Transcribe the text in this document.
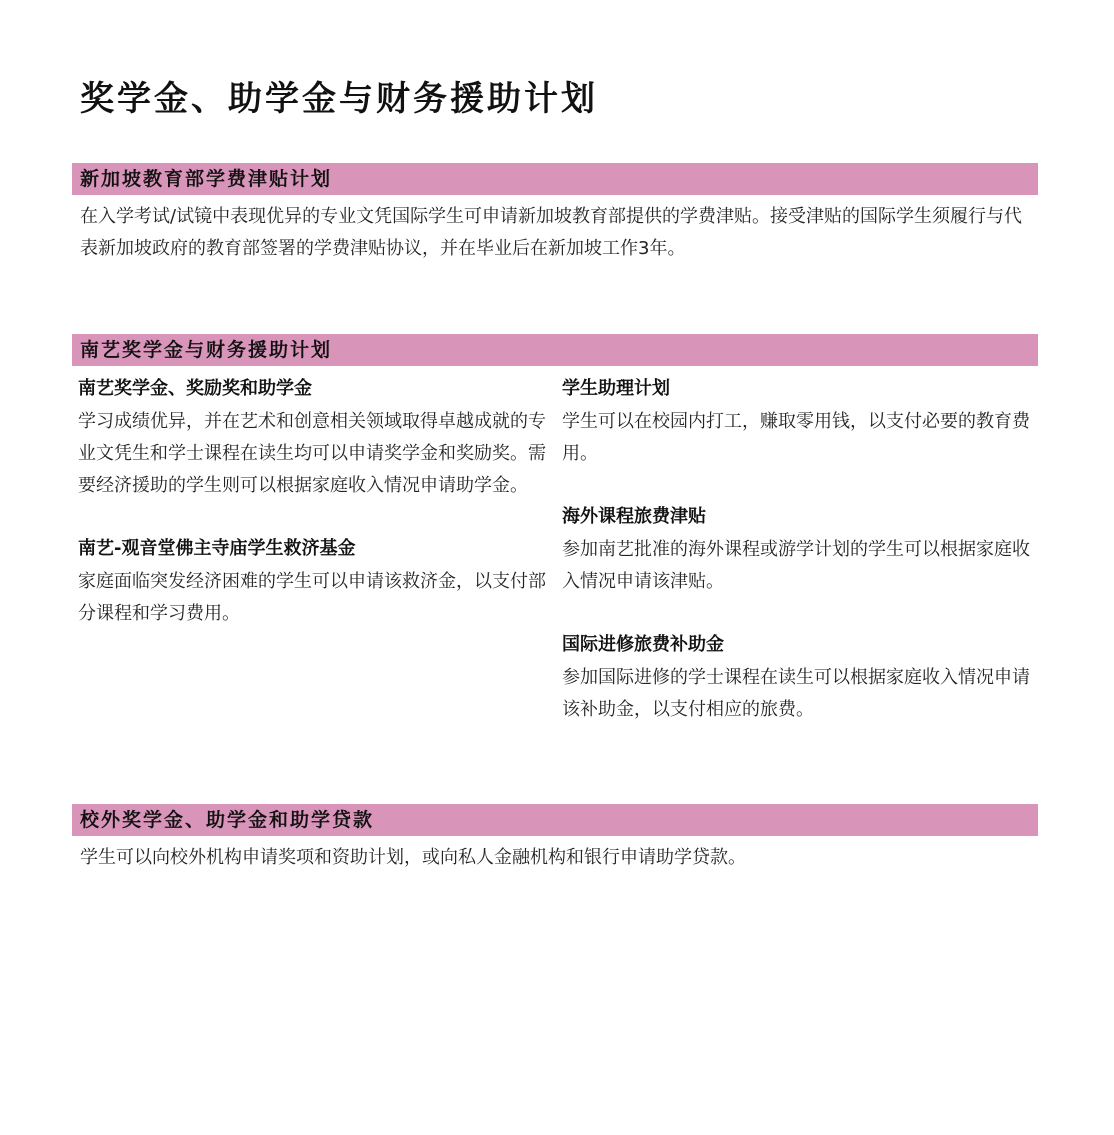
奖学金、助学金与财务援助计划
新加坡教育部学费津贴计划

在入学考试/试镜中表现优异的专业文凭国际学生可申请新加坡教育部提供的学费津贴。接受津贴的国际学生须履行与代表新加坡政府的教育部签署的学费津贴协议，并在毕业后在新加坡工作3年。

南艺奖学金与财务援助计划
南艺奖学金、奖励奖和助学金

学习成绩优异，并在艺术和创意相关领域取得卓越成就的专业文凭生和学士课程在读生均可以申请奖学金和奖励奖。需要经济援助的学生则可以根据家庭收入情况申请助学金。

南艺-观音堂佛主寺庙学生救济基金

家庭面临突发经济困难的学生可以申请该救济金，以支付部分课程和学习费用。

学生助理计划

学生可以在校园内打工，赚取零用钱，以支付必要的教育费用。

海外课程旅费津贴

参加南艺批准的海外课程或游学计划的学生可以根据家庭收入情况申请该津贴。

国际进修旅费补助金

参加国际进修的学士课程在读生可以根据家庭收入情况申请该补助金，以支付相应的旅费。

校外奖学金、助学金和助学贷款

学生可以向校外机构申请奖项和资助计划，或向私人金融机构和银行申请助学贷款。
